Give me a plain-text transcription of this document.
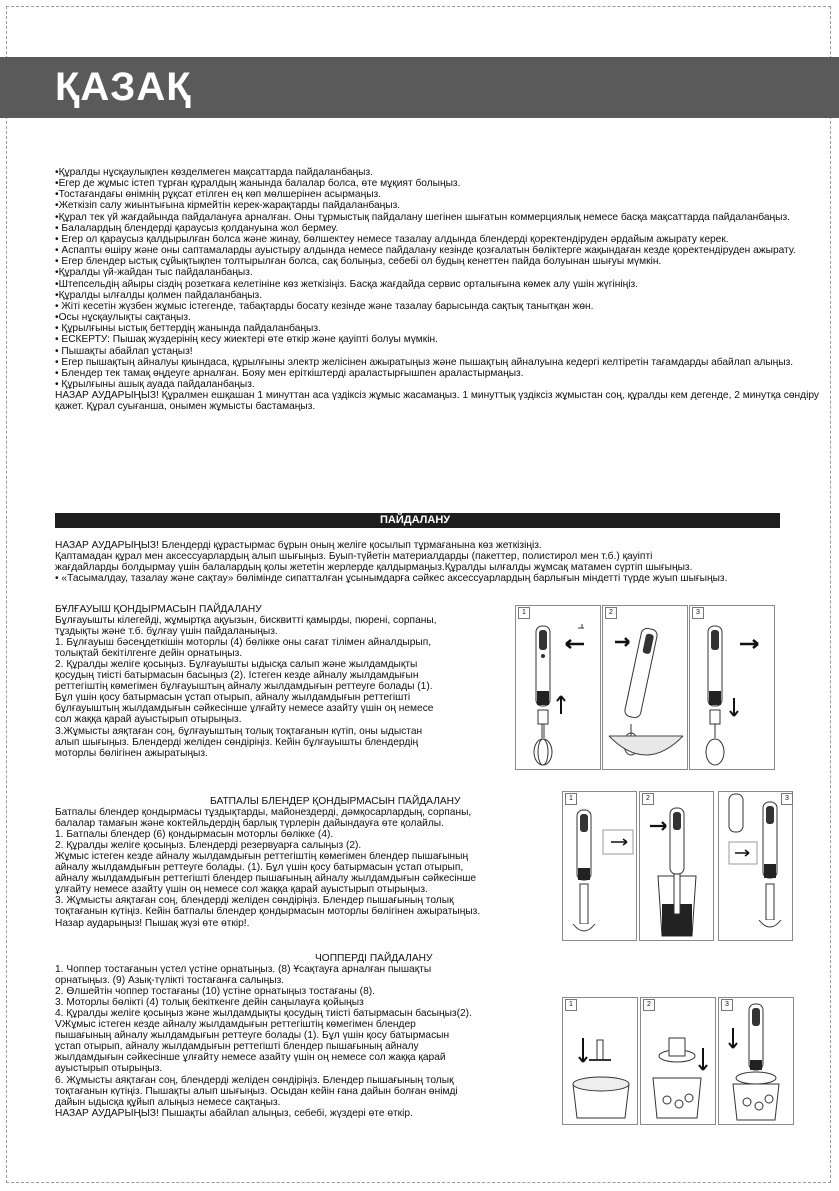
ҚАЗАҚ

•Құралды нұсқаулықпен көзделмеген мақсаттарда пайдаланбаңыз.

•Егер де жұмыс істеп тұрған құралдың жанында балалар болса, өте мұқият болыңыз.

•Тостағандағы өнімнің рұқсат етілген ең көп мөлшерінен асырмаңыз.

•Жеткізіп салу жиынтығына кірмейтін керек-жарақтарды пайдаланбаңыз.

•Құрал тек үй жағдайында пайдалануға арналған. Оны тұрмыстық пайдалану шегінен шығатын коммерциялық немесе басқа мақсаттарда пайдаланбаңыз.

• Балалардың блендерді қараусыз қолдануына жол бермеу.

• Егер ол қараусыз қалдырылған болса және жинау, бөлшектеу немесе тазалау алдында блендерді қоректендіруден әрдайым ажырату керек.

• Аспапты өшіру және оны саптамаларды ауыстыру алдында немесе пайдалану кезінде қозғалатын бөліктерге жақындаған кезде қоректендіруден ажырату.

• Егер блендер ыстық сұйықтықпен толтырылған болса, сақ болыңыз, себебі ол будың кенеттен пайда болуынан шығуы мүмкін.

•Құралды үй-жайдан тыс пайдаланбаңыз.

•Штепсельдің айыры сіздің розеткаға келетініне көз жеткізіңіз. Басқа жағдайда сервис орталығына көмек алу үшін жүгініңіз.

•Құралды ылғалды қолмен пайдаланбаңыз.

• Жіті кесетін жүзбен жұмыс істегенде, табақтарды босату кезінде және тазалау барысында сақтық танытқан жөн.

•Осы нұсқаулықты сақтаңыз.

• Құрылғыны ыстық беттердің жанында пайдаланбаңыз.

• ЕСКЕРТУ: Пышақ жүздерінің кесу жиектері өте өткір және қауіпті болуы мүмкін.

• Пышақты абайлап ұстаңыз!

• Егер пышақтың айналуы қиындаса, құрылғыны электр желісінен ажыратыңыз және пышақтың айналуына кедергі келтіретін тағамдарды абайлап алыңыз.

• Блендер тек тамақ өңдеуге арналған. Бояу мен еріткіштерді араластырғышпен араластырмаңыз.

• Құрылғыны ашық ауада пайдаланбаңыз.

НАЗАР АУДАРЫҢЫЗ! Құралмен ешқашан 1 минуттан аса үздіксіз жұмыс жасамаңыз. 1 минуттық үздіксіз жұмыстан соң, құралды кем дегенде, 2 минутқа сөндіру қажет. Құрал суығанша, онымен жұмысты бастамаңыз.

ПАЙДАЛАНУ

НАЗАР АУДАРЫҢЫЗ! Блендерді құрастырмас бұрын оның желіге қосылып тұрмағанына көз жеткізіңіз.

Қаптамадан құрал мен аксессуарлардың алып шығыңыз. Буып-түйетін материалдарды (пакеттер, полистирол мен т.б.) қауіпті

жағдайларды болдырмау үшін балалардың қолы жететін жерлерде қалдырмаңыз.Құралды ылғалды жұмсақ матамен сүртіп шығыңыз.

• «Тасымалдау, тазалау және сақтау» бөлімінде сипатталған ұсынымдарға сәйкес аксессуарлардың барлығын міндетті түрде жуып шығыңыз.

БҰЛҒАУЫШ ҚОНДЫРМАСЫН ПАЙДАЛАНУ

Бұлғауышты кілегейді, жұмыртқа ақуызын, бисквитті қамырды, пюрені, сорпаны,

тұздықты және т.б. бұлғау үшін пайдаланыңыз.

1. Бұлғауыш бәсеңдеткішін моторлы (4) бөлікке оны сағат тілімен айналдырып,

толықтай бекітілгенге дейін орнатыңыз.

2. Құралды желіге қосыңыз. Бұлғауышты ыдысқа салып және жылдамдықты

қосудың тиісті батырмасын басыңыз (2). Істеген кезде айналу жылдамдығын

реттегіштің көмегімен бұлғауыштың айналу жылдамдығын реттеуге болады (1).

Бұл үшін қосу батырмасын ұстап отырып, айналу жылдамдығын реттегішті

бұлғауыштың жылдамдығын сәйкесінше ұлғайту немесе азайту үшін оң немесе

сол жаққа қарай ауыстырып отырыңыз.

3.Жұмысты аяқтаған соң, бұлғауыштың толық тоқтағанын күтіп, оны ыдыстан

алып шығыңыз. Блендерді желіден сөндіріңіз. Кейін бұлғауышты блендердің

моторлы бөлігінен ажыратыңыз.

1	2	3

БАТПАЛЫ БЛЕНДЕР ҚОНДЫРМАСЫН ПАЙДАЛАНУ

Батпалы блендер қондырмасы тұздықтарды, майонездерді, дәмқосарлардың, сорпаны,

балалар тамағын және коктейльдердің барлық түрлерін дайындауға өте қолайлы.

1. Батпалы блендер (6) қондырмасын моторлы бөлікке (4).

2. Құралды желіге қосыңыз. Блендерді резервуарға салыңыз (2).

Жұмыс істеген кезде айналу жылдамдығын реттегіштің көмегімен блендер пышағының

айналу жылдамдығын реттеуге болады. (1). Бұл үшін қосу батырмасын ұстап отырып,

айналу жылдамдығын реттегішті блендер пышағының айналу жылдамдығын сәйкесінше

ұлғайту немесе азайту үшін оң немесе сол жаққа қарай ауыстырып отырыңыз.

3. Жұмысты аяқтаған соң, блендерді желіден сөндіріңіз. Блендер пышағының толық

тоқтағанын күтіңіз. Кейін батпалы блендер қондырмасын моторлы бөлігінен ажыратыңыз.

Назар аударыңыз! Пышақ жүзі өте өткір!.

1	2	3

ЧОППЕРДІ ПАЙДАЛАНУ

1. Чоппер тостағанын үстел үстіне орнатыңыз. (8) Ұсақтауға арналған пышақты

орнатыңыз. (9) Азық-түлікті тостағанға салыңыз.

2. Өлшейтін чоппер тостағаны (10) үстіне орнатыңыз тостағаны (8).

3. Моторлы бөлікті (4) толық бекіткенге дейін саңылауға қойыңыз

4. Құралды желіге қосыңыз және жылдамдықты қосудың тиісті батырмасын басыңыз(2).

VЖұмыс істеген кезде айналу жылдамдығын реттегіштің көмегімен блендер

пышағының айналу жылдамдығын реттеуге болады (1). Бұл үшін қосу батырмасын

ұстап отырып, айналу жылдамдығын реттегішті блендер пышағының айналу

жылдамдығын сәйкесінше ұлғайту немесе азайту үшін оң немесе сол жаққа қарай

ауыстырып отырыңыз.

6. Жұмысты аяқтаған соң, блендерді желіден сөндіріңіз. Блендер пышағының толық

тоқтағанын күтіңіз. Пышақты алып шығыңыз. Осыдан кейін ғана дайын болған өнімді

дайын ыдысқа құйып алыңыз немесе сақтаңыз.

НАЗАР АУДАРЫҢЫЗ! Пышақты абайлап алыңыз, себебі, жүздері өте өткір.

1	2	3
